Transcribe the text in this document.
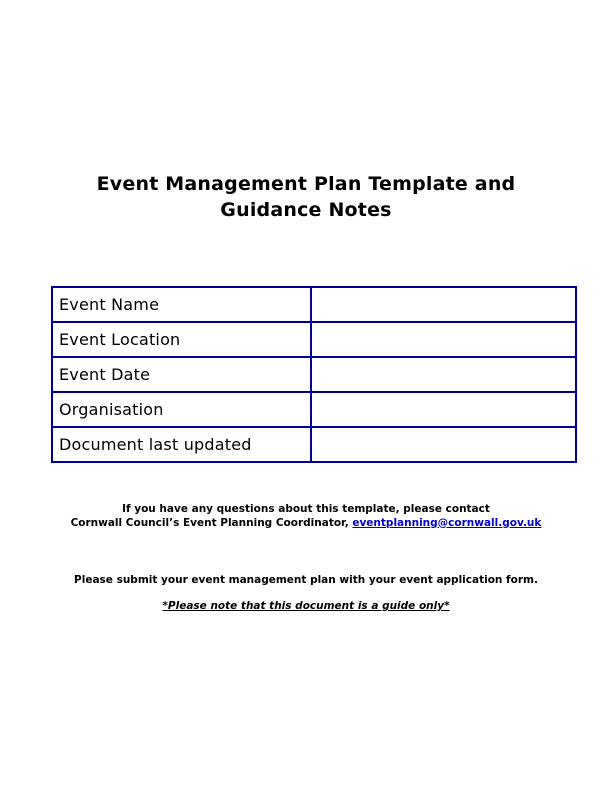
Event Management Plan Template and
Guidance Notes
Event Name	
Event Location	
Event Date	
Organisation	
Document last updated	

If you have any questions about this template, please contact
Cornwall Council’s Event Planning Coordinator, eventplanning@cornwall.gov.uk

Please submit your event management plan with your event application form.

*Please note that this document is a guide only*
